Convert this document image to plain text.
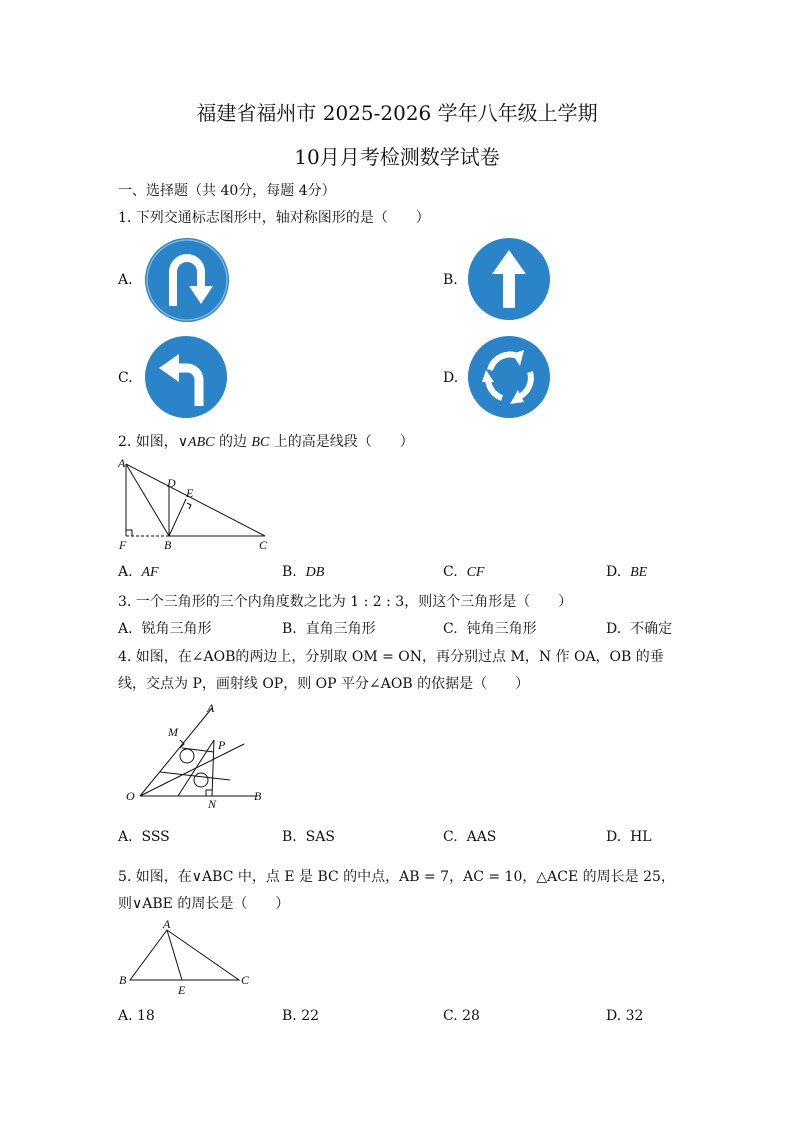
福建省福州市 2025-2026 学年八年级上学期
10月月考检测数学试卷
一、选择题（共 40分，每题 4分）
1. 下列交通标志图形中，轴对称图形的是（　　）
A.	B.
C.	D.
2. 如图，∨ABC 的边 BC 上的高是线段（　　）
A
D
E
F	B	C
A. AF	B. DB	C. CF	D. BE
3. 一个三角形的三个内角度数之比为 1 : 2 : 3，则这个三角形是（　　）
A. 锐角三角形	B. 直角三角形	C. 钝角三角形	D. 不确定
4. 如图，在∠AOB的两边上，分别取 OM = ON，再分别过点 M，N 作 OA，OB 的垂
线，交点为 P，画射线 OP，则 OP 平分∠AOB 的依据是（　　）
A
M
P
O
N
B
A. SSS	B. SAS	C. AAS	D. HL
5. 如图，在∨ABC 中，点 E 是 BC 的中点，AB = 7，AC = 10，△ACE 的周长是 25，
则∨ABE 的周长是（　　）
A
B
E
C
A. 18	B. 22	C. 28	D. 32
